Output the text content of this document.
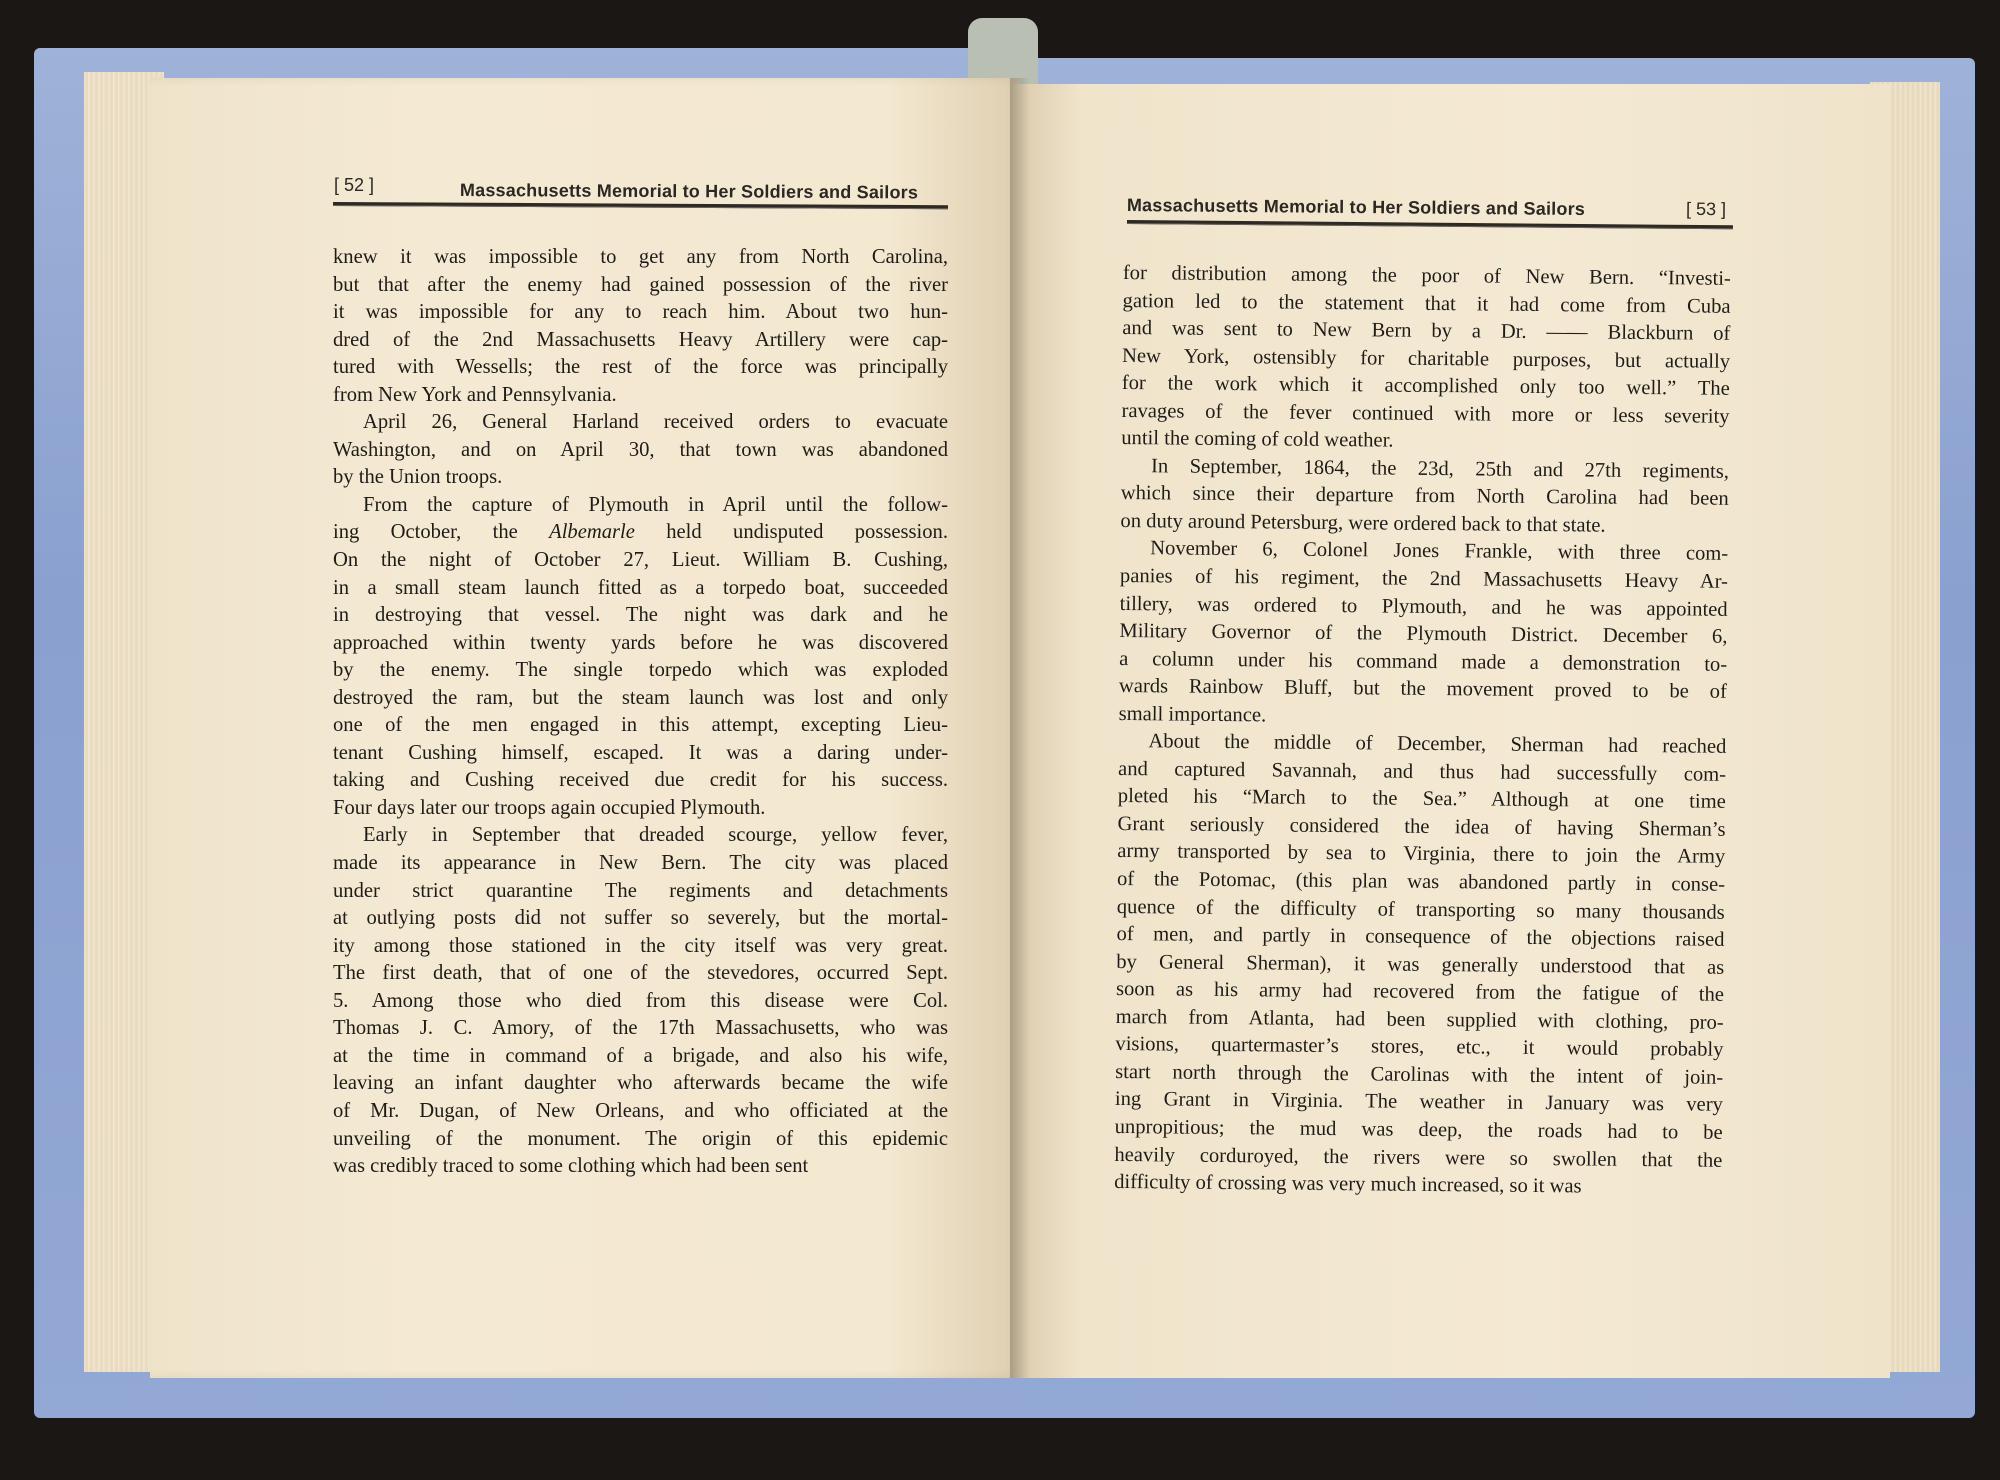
[ 52 ]	Massachusetts Memorial to Her Soldiers and Sailors
Massachusetts Memorial to Her Soldiers and Sailors	[ 53 ]
knew it was impossible to get any from North Carolina,
but that after the enemy had gained possession of the river
it was impossible for any to reach him. About two hun-
dred of the 2nd Massachusetts Heavy Artillery were cap-
tured with Wessells; the rest of the force was principally
from New York and Pennsylvania.
April 26, General Harland received orders to evacuate
Washington, and on April 30, that town was abandoned
by the Union troops.
From the capture of Plymouth in April until the follow-
ing October, the Albemarle held undisputed possession.
On the night of October 27, Lieut. William B. Cushing,
in a small steam launch fitted as a torpedo boat, succeeded
in destroying that vessel. The night was dark and he
approached within twenty yards before he was discovered
by the enemy. The single torpedo which was exploded
destroyed the ram, but the steam launch was lost and only
one of the men engaged in this attempt, excepting Lieu-
tenant Cushing himself, escaped. It was a daring under-
taking and Cushing received due credit for his success.
Four days later our troops again occupied Plymouth.
Early in September that dreaded scourge, yellow fever,
made its appearance in New Bern. The city was placed
under strict quarantine The regiments and detachments
at outlying posts did not suffer so severely, but the mortal-
ity among those stationed in the city itself was very great.
The first death, that of one of the stevedores, occurred Sept.
5. Among those who died from this disease were Col.
Thomas J. C. Amory, of the 17th Massachusetts, who was
at the time in command of a brigade, and also his wife,
leaving an infant daughter who afterwards became the wife
of Mr. Dugan, of New Orleans, and who officiated at the
unveiling of the monument. The origin of this epidemic
was credibly traced to some clothing which had been sent
for distribution among the poor of New Bern. “Investi-
gation led to the statement that it had come from Cuba
and was sent to New Bern by a Dr. —— Blackburn of
New York, ostensibly for charitable purposes, but actually
for the work which it accomplished only too well.” The
ravages of the fever continued with more or less severity
until the coming of cold weather.
In September, 1864, the 23d, 25th and 27th regiments,
which since their departure from North Carolina had been
on duty around Petersburg, were ordered back to that state.
November 6, Colonel Jones Frankle, with three com-
panies of his regiment, the 2nd Massachusetts Heavy Ar-
tillery, was ordered to Plymouth, and he was appointed
Military Governor of the Plymouth District. December 6,
a column under his command made a demonstration to-
wards Rainbow Bluff, but the movement proved to be of
small importance.
About the middle of December, Sherman had reached
and captured Savannah, and thus had successfully com-
pleted his “March to the Sea.” Although at one time
Grant seriously considered the idea of having Sherman’s
army transported by sea to Virginia, there to join the Army
of the Potomac, (this plan was abandoned partly in conse-
quence of the difficulty of transporting so many thousands
of men, and partly in consequence of the objections raised
by General Sherman), it was generally understood that as
soon as his army had recovered from the fatigue of the
march from Atlanta, had been supplied with clothing, pro-
visions, quartermaster’s stores, etc., it would probably
start north through the Carolinas with the intent of join-
ing Grant in Virginia. The weather in January was very
unpropitious; the mud was deep, the roads had to be
heavily corduroyed, the rivers were so swollen that the
difficulty of crossing was very much increased, so it was
